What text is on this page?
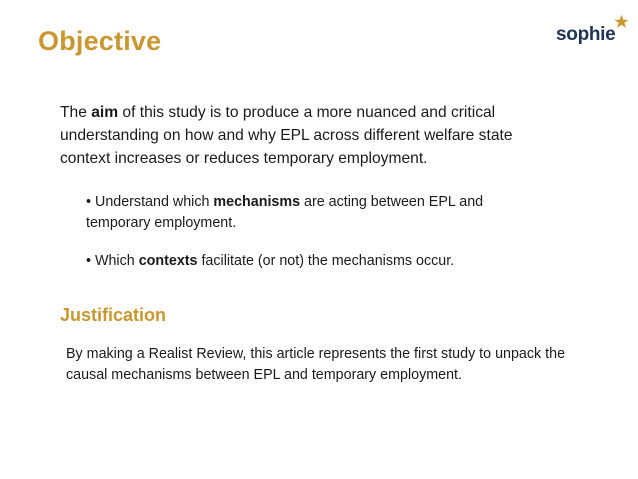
Objective	sophie
The aim of this study is to produce a more nuanced and critical understanding on how and why EPL across different welfare state context increases or reduces temporary employment.
• Understand which mechanisms are acting between EPL and temporary employment.
• Which contexts facilitate (or not) the mechanisms occur.
Justification
By making a Realist Review, this article represents the first study to unpack the causal mechanisms between EPL and temporary employment.
